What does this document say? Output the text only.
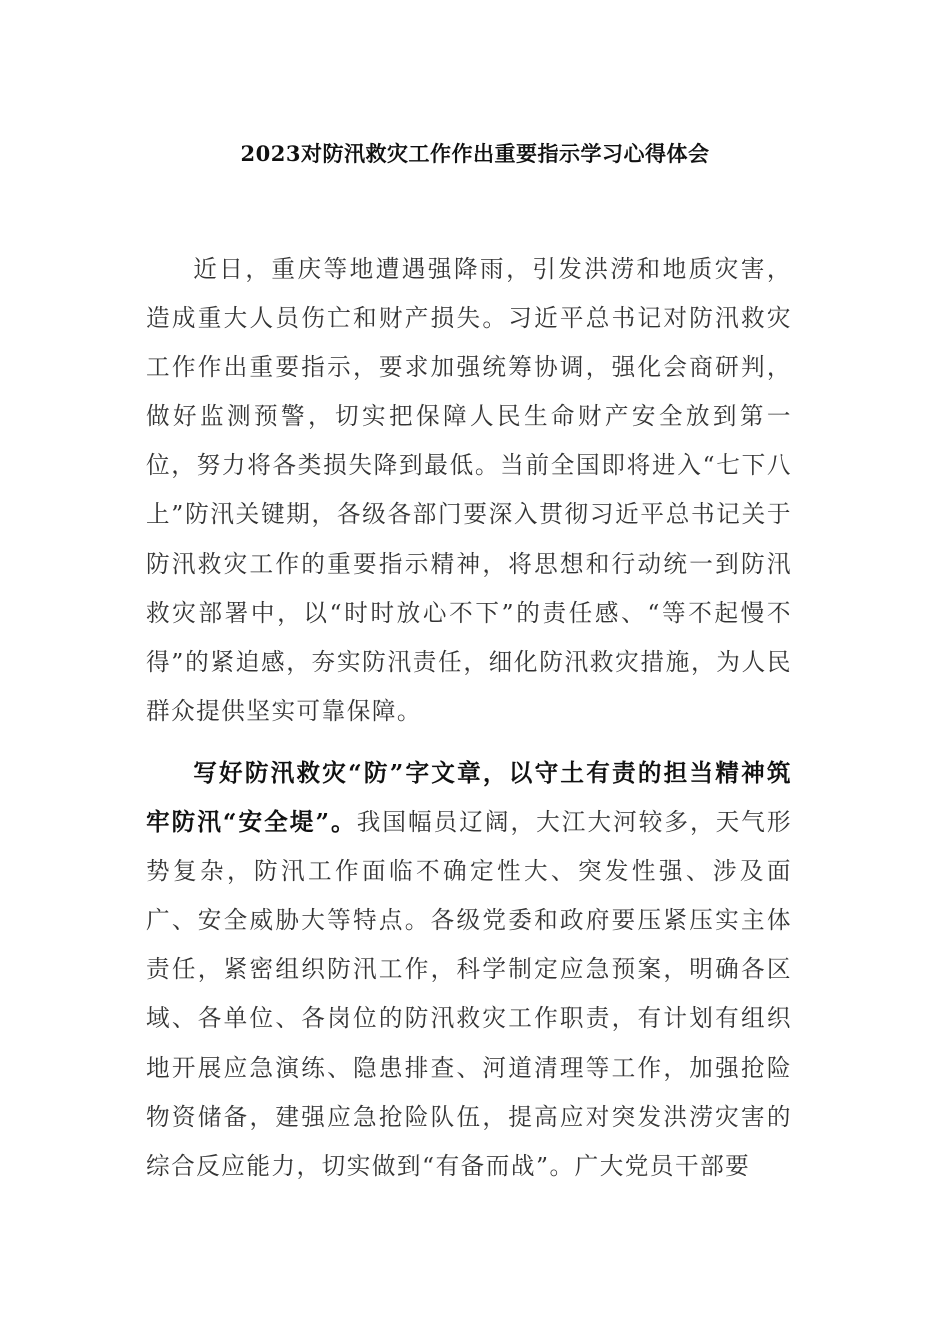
2023对防汛救灾工作作出重要指示学习心得体会

近日，重庆等地遭遇强降雨，引发洪涝和地质灾害，造成重大人员伤亡和财产损失。习近平总书记对防汛救灾工作作出重要指示，要求加强统筹协调，强化会商研判，做好监测预警，切实把保障人民生命财产安全放到第一位，努力将各类损失降到最低。当前全国即将进入“七下八上”防汛关键期，各级各部门要深入贯彻习近平总书记关于防汛救灾工作的重要指示精神，将思想和行动统一到防汛救灾部署中，以“时时放心不下”的责任感、“等不起慢不得”的紧迫感，夯实防汛责任，细化防汛救灾措施，为人民群众提供坚实可靠保障。

写好防汛救灾“防”字文章，以守土有责的担当精神筑牢防汛“安全堤”。我国幅员辽阔，大江大河较多，天气形势复杂，防汛工作面临不确定性大、突发性强、涉及面广、安全威胁大等特点。各级党委和政府要压紧压实主体责任，紧密组织防汛工作，科学制定应急预案，明确各区域、各单位、各岗位的防汛救灾工作职责，有计划有组织地开展应急演练、隐患排查、河道清理等工作，加强抢险物资储备，建强应急抢险队伍，提高应对突发洪涝灾害的综合反应能力，切实做到“有备而战”。广大党员干部要
